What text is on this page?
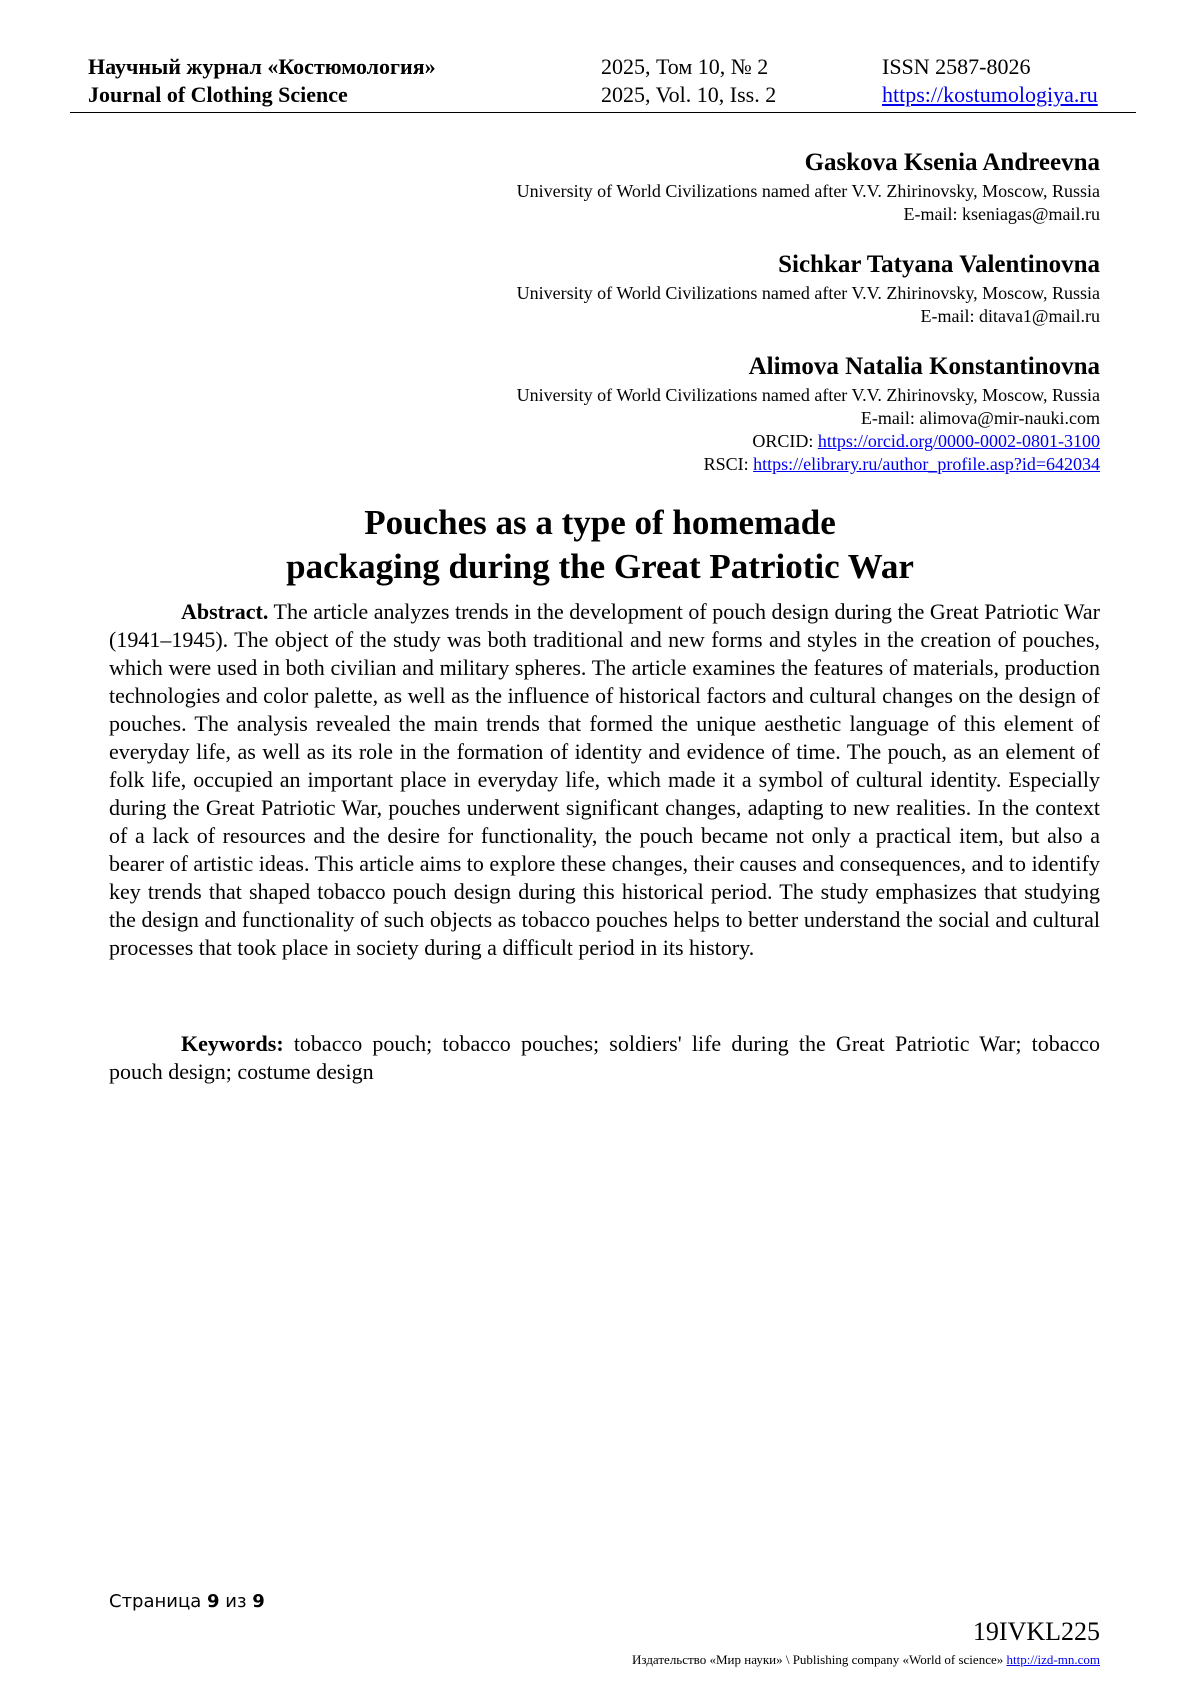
Научный журнал «Костюмология»	2025, Том 10, № 2	ISSN 2587-8026
Journal of Clothing Science	2025, Vol. 10, Iss. 2	https://kostumologiya.ru
Gaskova Ksenia Andreevna
University of World Civilizations named after V.V. Zhirinovsky, Moscow, Russia
E-mail: kseniagas@mail.ru
Sichkar Tatyana Valentinovna
University of World Civilizations named after V.V. Zhirinovsky, Moscow, Russia
E-mail: ditava1@mail.ru
Alimova Natalia Konstantinovna
University of World Civilizations named after V.V. Zhirinovsky, Moscow, Russia
E-mail: alimova@mir-nauki.com
ORCID: https://orcid.org/0000-0002-0801-3100
RSCI: https://elibrary.ru/author_profile.asp?id=642034
Pouches as a type of homemade
packaging during the Great Patriotic War

Abstract. The article analyzes trends in the development of pouch design during the Great Patriotic War (1941–1945). The object of the study was both traditional and new forms and styles in the creation of pouches, which were used in both civilian and military spheres. The article examines the features of materials, production technologies and color palette, as well as the influence of historical factors and cultural changes on the design of pouches. The analysis revealed the main trends that formed the unique aesthetic language of this element of everyday life, as well as its role in the formation of identity and evidence of time. The pouch, as an element of folk life, occupied an important place in everyday life, which made it a symbol of cultural identity. Especially during the Great Patriotic War, pouches underwent significant changes, adapting to new realities. In the context of a lack of resources and the desire for functionality, the pouch became not only a practical item, but also a bearer of artistic ideas. This article aims to explore these changes, their causes and consequences, and to identify key trends that shaped tobacco pouch design during this historical period. The study emphasizes that studying the design and functionality of such objects as tobacco pouches helps to better understand the social and cultural processes that took place in society during a difficult period in its history.

Keywords: tobacco pouch; tobacco pouches; soldiers' life during the Great Patriotic War; tobacco pouch design; costume design

Страница 9 из 9
19IVKL225
Издательство «Мир науки» \ Publishing company «World of science» http://izd-mn.com
